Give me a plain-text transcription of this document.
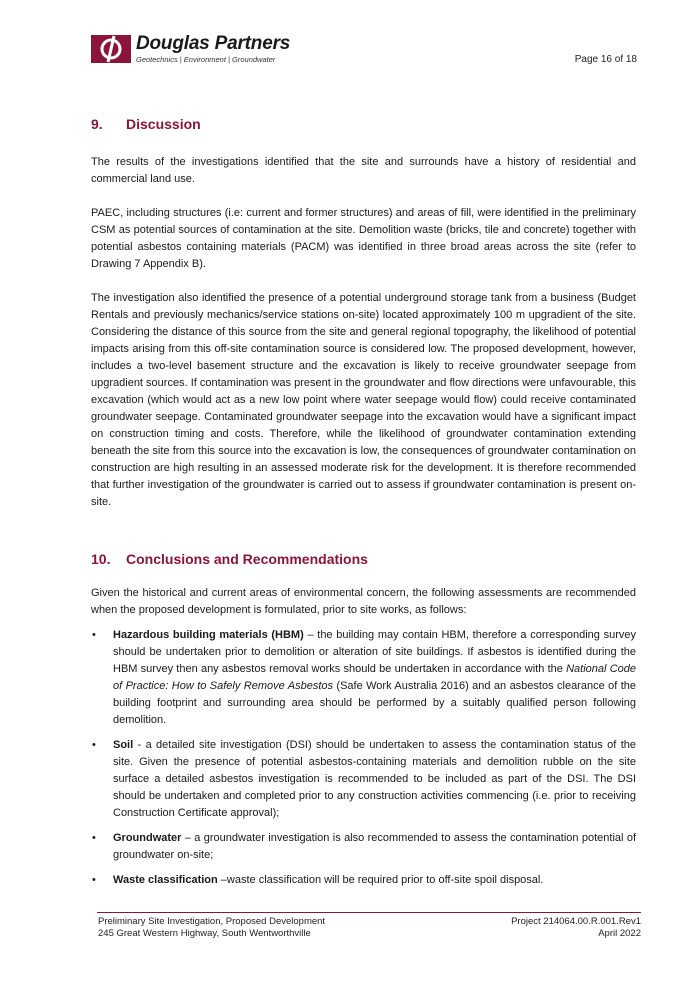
Douglas Partners
Geotechnics | Environment | Groundwater	Page 16 of 18
9. Discussion

The results of the investigations identified that the site and surrounds have a history of residential and commercial land use.

PAEC, including structures (i.e: current and former structures) and areas of fill, were identified in the preliminary CSM as potential sources of contamination at the site. Demolition waste (bricks, tile and concrete) together with potential asbestos containing materials (PACM) was identified in three broad areas across the site (refer to Drawing 7 Appendix B).

The investigation also identified the presence of a potential underground storage tank from a business (Budget Rentals and previously mechanics/service stations on-site) located approximately 100 m upgradient of the site. Considering the distance of this source from the site and general regional topography, the likelihood of potential impacts arising from this off-site contamination source is considered low. The proposed development, however, includes a two-level basement structure and the excavation is likely to receive groundwater seepage from upgradient sources. If contamination was present in the groundwater and flow directions were unfavourable, this excavation (which would act as a new low point where water seepage would flow) could receive contaminated groundwater seepage. Contaminated groundwater seepage into the excavation would have a significant impact on construction timing and costs. Therefore, while the likelihood of groundwater contamination extending beneath the site from this source into the excavation is low, the consequences of groundwater contamination on construction are high resulting in an assessed moderate risk for the development. It is therefore recommended that further investigation of the groundwater is carried out to assess if groundwater contamination is present on-site.

10. Conclusions and Recommendations

Given the historical and current areas of environmental concern, the following assessments are recommended when the proposed development is formulated, prior to site works, as follows:

• Hazardous building materials (HBM) – the building may contain HBM, therefore a corresponding survey should be undertaken prior to demolition or alteration of site buildings. If asbestos is identified during the HBM survey then any asbestos removal works should be undertaken in accordance with the National Code of Practice: How to Safely Remove Asbestos (Safe Work Australia 2016) and an asbestos clearance of the building footprint and surrounding area should be performed by a suitably qualified person following demolition.
• Soil - a detailed site investigation (DSI) should be undertaken to assess the contamination status of the site. Given the presence of potential asbestos-containing materials and demolition rubble on the site surface a detailed asbestos investigation is recommended to be included as part of the DSI. The DSI should be undertaken and completed prior to any construction activities commencing (i.e. prior to receiving Construction Certificate approval);
• Groundwater – a groundwater investigation is also recommended to assess the contamination potential of groundwater on-site;
• Waste classification –waste classification will be required prior to off-site spoil disposal.
Preliminary Site Investigation, Proposed Development
245 Great Western Highway, South Wentworthville
Project 214064.00.R.001.Rev1
April 2022
